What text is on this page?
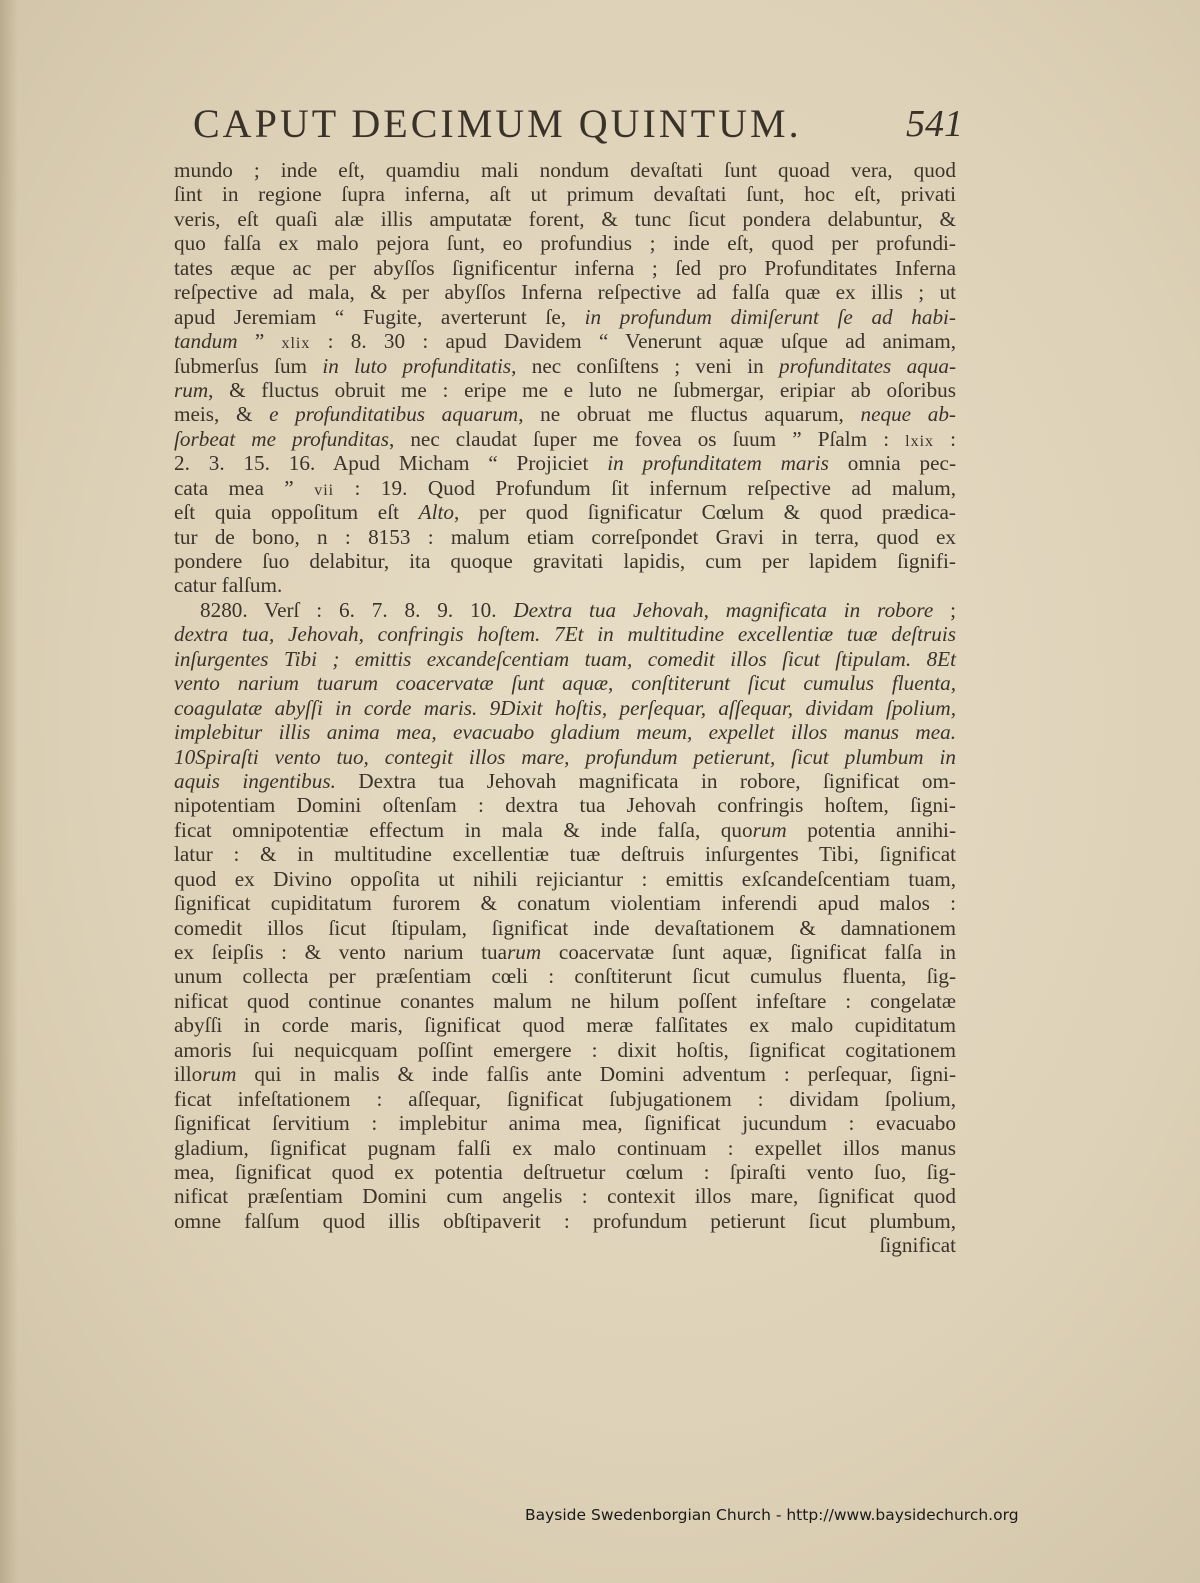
CAPUT DECIMUM QUINTUM.	541
mundo ; inde eſt, quamdiu mali nondum devaſtati ſunt quoad vera, quod
ſint in regione ſupra inferna, aſt ut primum devaſtati ſunt, hoc eſt, privati
veris, eſt quaſi alæ illis amputatæ forent, & tunc ſicut pondera delabuntur, &
quo falſa ex malo pejora ſunt, eo profundius ; inde eſt, quod per profundi-
tates æque ac per abyſſos ſignificentur inferna ; ſed pro Profunditates Inferna
reſpective ad mala, & per abyſſos Inferna reſpective ad falſa quæ ex illis ; ut
apud Jeremiam “ Fugite, averterunt ſe, in profundum dimiſerunt ſe ad habi-
tandum ” xlix : 8. 30 : apud Davidem “ Venerunt aquæ uſque ad animam,
ſubmerſus ſum in luto profunditatis, nec conſiſtens ; veni in profunditates aqua-
rum, & fluctus obruit me : eripe me e luto ne ſubmergar, eripiar ab oſoribus
meis, & e profunditatibus aquarum, ne obruat me fluctus aquarum, neque ab-
ſorbeat me profunditas, nec claudat ſuper me fovea os ſuum ” Pſalm : lxix :
2. 3. 15. 16. Apud Micham “ Projiciet in profunditatem maris omnia pec-
cata mea ” vii : 19. Quod Profundum ſit infernum reſpective ad malum,
eſt quia oppoſitum eſt Alto, per quod ſignificatur Cœlum & quod prædica-
tur de bono, n : 8153 : malum etiam correſpondet Gravi in terra, quod ex
pondere ſuo delabitur, ita quoque gravitati lapidis, cum per lapidem ſignifi-
catur falſum.
8280. Verſ : 6. 7. 8. 9. 10. Dextra tua Jehovah, magnificata in robore ;
dextra tua, Jehovah, confringis hoſtem. 7Et in multitudine excellentiæ tuæ deſtruis
inſurgentes Tibi ; emittis excandeſcentiam tuam, comedit illos ſicut ſtipulam. 8Et
vento narium tuarum coacervatæ ſunt aquæ, conſtiterunt ſicut cumulus fluenta,
coagulatæ abyſſi in corde maris. 9Dixit hoſtis, perſequar, aſſequar, dividam ſpolium,
implebitur illis anima mea, evacuabo gladium meum, expellet illos manus mea.
10Spiraſti vento tuo, contegit illos mare, profundum petierunt, ſicut plumbum in
aquis ingentibus. Dextra tua Jehovah magnificata in robore, ſignificat om-
nipotentiam Domini oſtenſam : dextra tua Jehovah confringis hoſtem, ſigni-
ficat omnipotentiæ effectum in mala & inde falſa, quorum potentia annihi-
latur : & in multitudine excellentiæ tuæ deſtruis inſurgentes Tibi, ſignificat
quod ex Divino oppoſita ut nihili rejiciantur : emittis exſcandeſcentiam tuam,
ſignificat cupiditatum furorem & conatum violentiam inferendi apud malos :
comedit illos ſicut ſtipulam, ſignificat inde devaſtationem & damnationem
ex ſeipſis : & vento narium tuarum coacervatæ ſunt aquæ, ſignificat falſa in
unum collecta per præſentiam cœli : conſtiterunt ſicut cumulus fluenta, ſig-
nificat quod continue conantes malum ne hilum poſſent infeſtare : congelatæ
abyſſi in corde maris, ſignificat quod meræ falſitates ex malo cupiditatum
amoris ſui nequicquam poſſint emergere : dixit hoſtis, ſignificat cogitationem
illorum qui in malis & inde falſis ante Domini adventum : perſequar, ſigni-
ficat infeſtationem : aſſequar, ſignificat ſubjugationem : dividam ſpolium,
ſignificat ſervitium : implebitur anima mea, ſignificat jucundum : evacuabo
gladium, ſignificat pugnam falſi ex malo continuam : expellet illos manus
mea, ſignificat quod ex potentia deſtruetur cœlum : ſpiraſti vento ſuo, ſig-
nificat præſentiam Domini cum angelis : contexit illos mare, ſignificat quod
omne falſum quod illis obſtipaverit : profundum petierunt ſicut plumbum,
ſignificat
Bayside Swedenborgian Church - http://www.baysidechurch.org
